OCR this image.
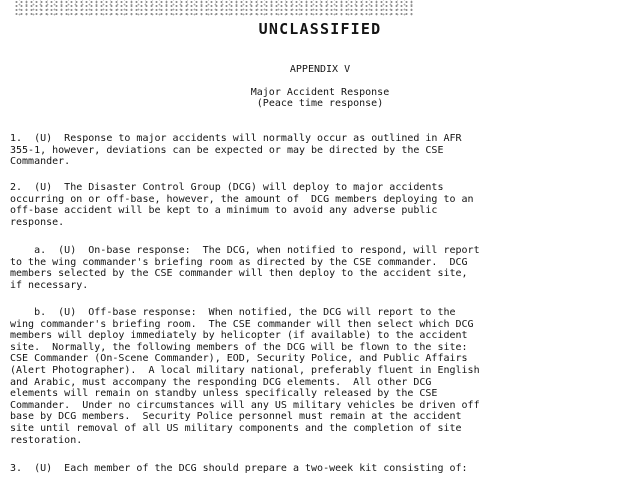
UNCLASSIFIED
APPENDIX V
Major Accident Response
(Peace time response)
1.  (U)  Response to major accidents will normally occur as outlined in AFR
355-1, however, deviations can be expected or may be directed by the CSE
Commander.
2.  (U)  The Disaster Control Group (DCG) will deploy to major accidents
occurring on or off-base, however, the amount of  DCG members deploying to an
off-base accident will be kept to a minimum to avoid any adverse public
response.
a.  (U)  On-base response:  The DCG, when notified to respond, will report
to the wing commander's briefing room as directed by the CSE commander.  DCG
members selected by the CSE commander will then deploy to the accident site,
if necessary.
b.  (U)  Off-base response:  When notified, the DCG will report to the
wing commander's briefing room.  The CSE commander will then select which DCG
members will deploy immediately by helicopter (if available) to the accident
site.  Normally, the following members of the DCG will be flown to the site:
CSE Commander (On-Scene Commander), EOD, Security Police, and Public Affairs
(Alert Photographer).  A local military national, preferably fluent in English
and Arabic, must accompany the responding DCG elements.  All other DCG
elements will remain on standby unless specifically released by the CSE
Commander.  Under no circumstances will any US military vehicles be driven off
base by DCG members.  Security Police personnel must remain at the accident
site until removal of all US military components and the completion of site
restoration.
3.  (U)  Each member of the DCG should prepare a two-week kit consisting of:
